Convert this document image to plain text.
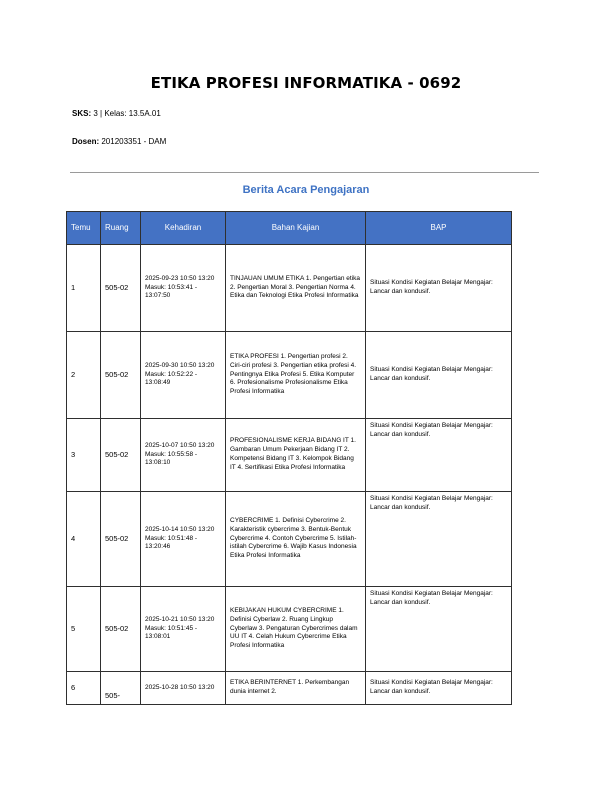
ETIKA PROFESI INFORMATIKA - 0692
SKS: 3 | Kelas: 13.5A.01
Dosen: 201203351 - DAM
Berita Acara Pengajaran
Temu	Ruang	Kehadiran	Bahan Kajian	BAP
1	505-02	2025-09-23 10:50 13:20 Masuk: 10:53:41 - 13:07:50	TINJAUAN UMUM ETIKA 1. Pengertian etika 2. Pengertian Moral 3. Pengertian Norma 4. Etika dan Teknologi Etika Profesi Informatika	Situasi Kondisi Kegiatan Belajar Mengajar: Lancar dan kondusif.
2	505-02	2025-09-30 10:50 13:20 Masuk: 10:52:22 - 13:08:49	ETIKA PROFESI 1. Pengertian profesi 2. Ciri-ciri profesi 3. Pengertian etika profesi 4. Pentingnya Etika Profesi 5. Etika Komputer 6. Profesionalisme Profesionalisme Etika Profesi Informatika	Situasi Kondisi Kegiatan Belajar Mengajar: Lancar dan kondusif.
3	505-02	2025-10-07 10:50 13:20 Masuk: 10:55:58 - 13:08:10	PROFESIONALISME KERJA BIDANG IT 1. Gambaran Umum Pekerjaan Bidang IT 2. Kompetensi Bidang IT 3. Kelompok Bidang IT 4. Sertifikasi Etika Profesi Informatika	Situasi Kondisi Kegiatan Belajar Mengajar: Lancar dan kondusif.
4	505-02	2025-10-14 10:50 13:20 Masuk: 10:51:48 - 13:20:46	CYBERCRIME 1. Definisi Cybercrime 2. Karakteristik cybercrime 3. Bentuk-Bentuk Cybercrime 4. Contoh Cybercrime 5. Istilah-istilah Cybercrime 6. Wajib Kasus Indonesia Etika Profesi Informatika	Situasi Kondisi Kegiatan Belajar Mengajar: Lancar dan kondusif.
5	505-02	2025-10-21 10:50 13:20 Masuk: 10:51:45 - 13:08:01	KEBIJAKAN HUKUM CYBERCRIME 1. Definisi Cyberlaw 2. Ruang Lingkup Cyberlaw 3. Pengaturan Cybercrimes dalam UU IT 4. Celah Hukum Cybercrime Etika Profesi Informatika	Situasi Kondisi Kegiatan Belajar Mengajar: Lancar dan kondusif.
6	505-	2025-10-28 10:50 13:20	ETIKA BERINTERNET 1. Perkembangan dunia internet 2.	Situasi Kondisi Kegiatan Belajar Mengajar: Lancar dan kondusif.
